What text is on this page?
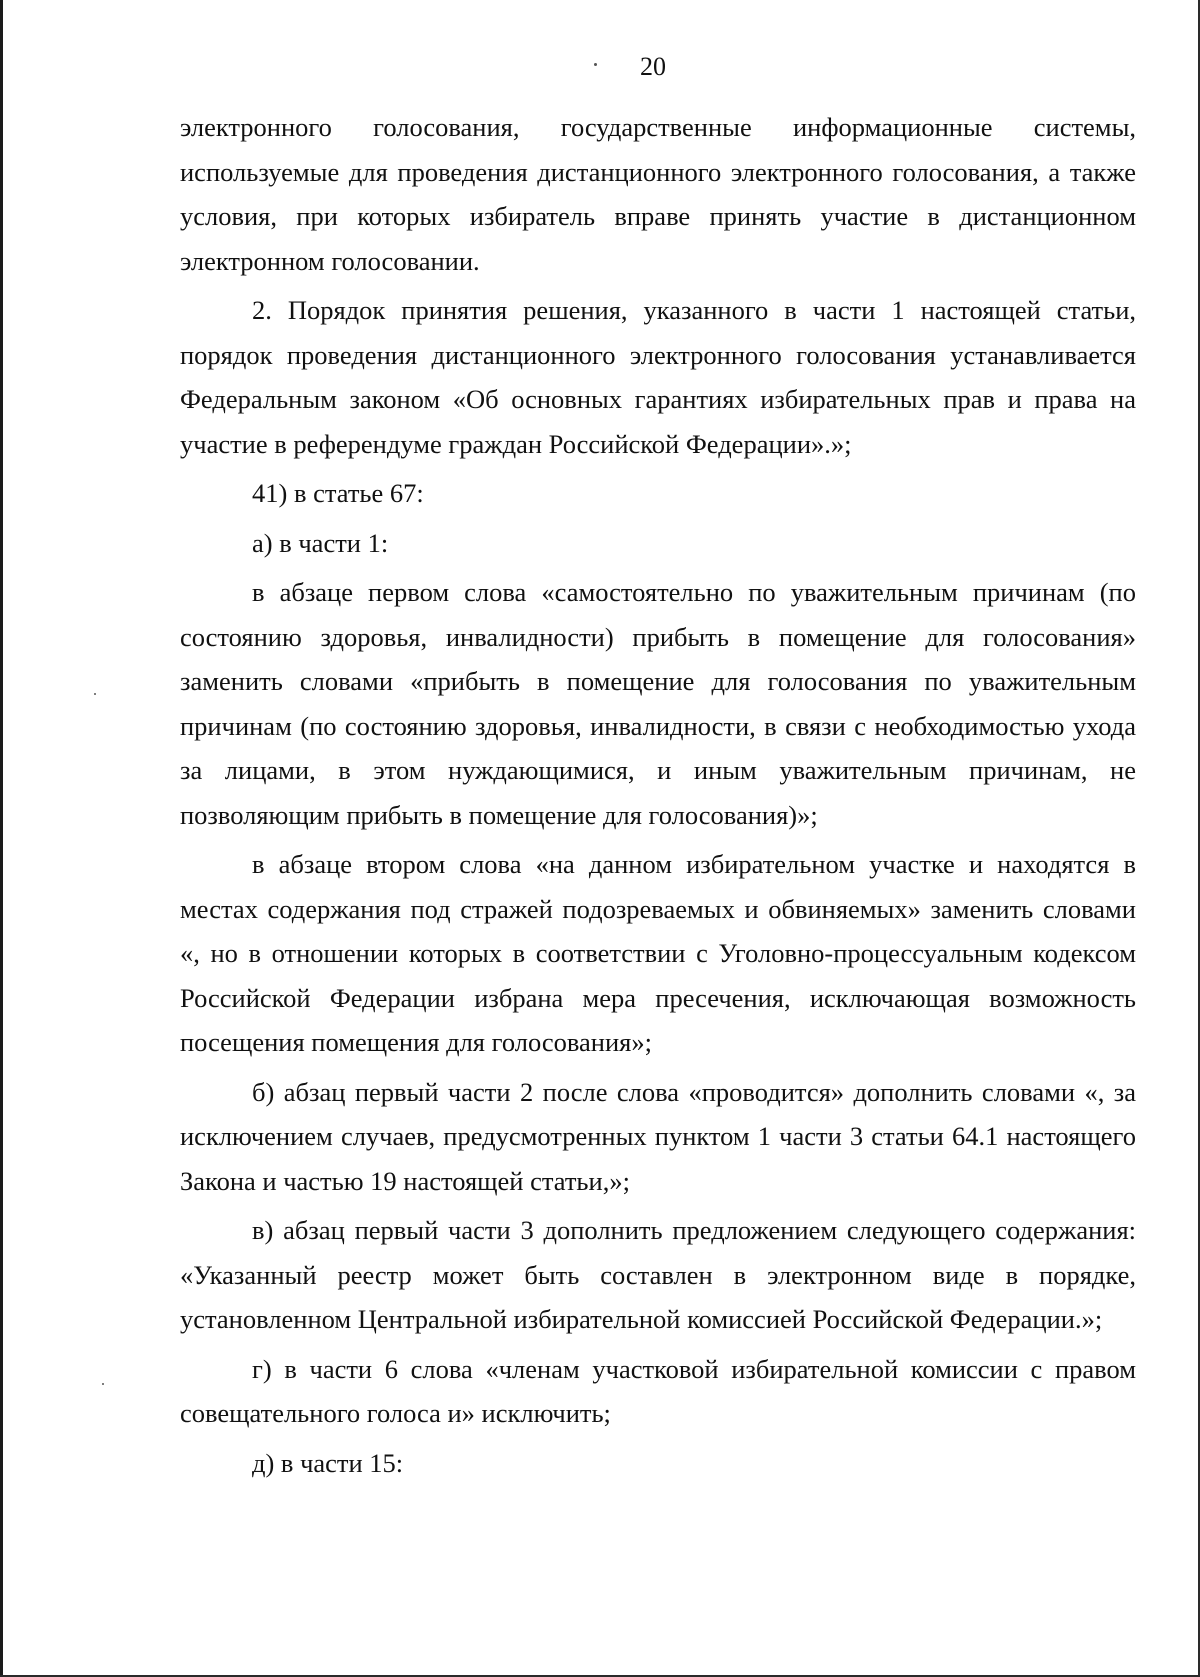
20

электронного голосования, государственные информационные системы, используемые для проведения дистанционного электронного голосования, а также условия, при которых избиратель вправе принять участие в дистанционном электронном голосовании.

2. Порядок принятия решения, указанного в части 1 настоящей статьи, порядок проведения дистанционного электронного голосования устанавливается Федеральным законом «Об основных гарантиях избирательных прав и права на участие в референдуме граждан Российской Федерации».»;

41) в статье 67:

а) в части 1:

в абзаце первом слова «самостоятельно по уважительным причинам (по состоянию здоровья, инвалидности) прибыть в помещение для голосования» заменить словами «прибыть в помещение для голосования по уважительным причинам (по состоянию здоровья, инвалидности, в связи с необходимостью ухода за лицами, в этом нуждающимися, и иным уважительным причинам, не позволяющим прибыть в помещение для голосования)»;

в абзаце втором слова «на данном избирательном участке и находятся в местах содержания под стражей подозреваемых и обвиняемых» заменить словами «, но в отношении которых в соответствии с Уголовно-процессуальным кодексом Российской Федерации избрана мера пресечения, исключающая возможность посещения помещения для голосования»;

б) абзац первый части 2 после слова «проводится» дополнить словами «, за исключением случаев, предусмотренных пунктом 1 части 3 статьи 64.1 настоящего Закона и частью 19 настоящей статьи,»;

в) абзац первый части 3 дополнить предложением следующего содержания: «Указанный реестр может быть составлен в электронном виде в порядке, установленном Центральной избирательной комиссией Российской Федерации.»;

г) в части 6 слова «членам участковой избирательной комиссии с правом совещательного голоса и» исключить;

д) в части 15:
